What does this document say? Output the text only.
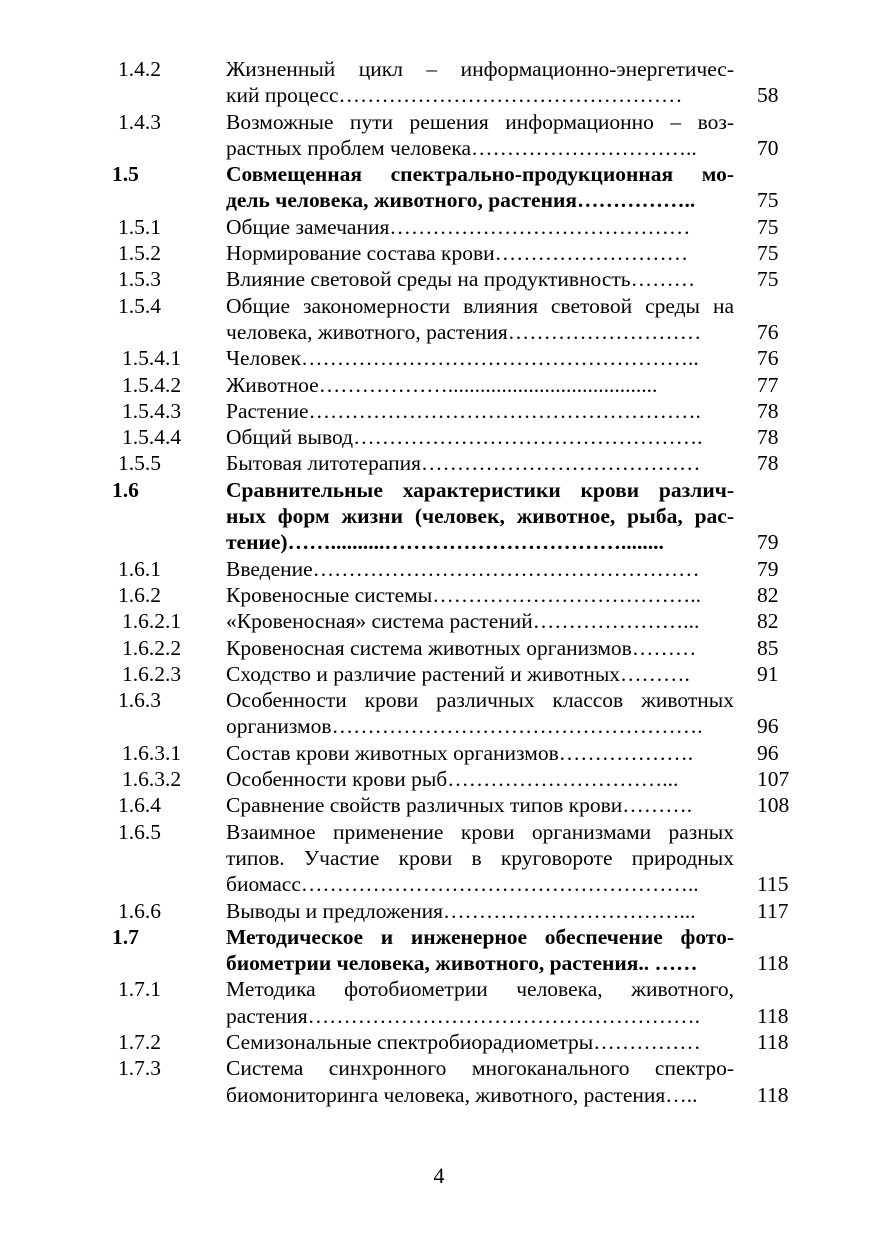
1.4.2	Жизненный цикл – информационно-энергетичес-
кий процесс…………………………………………	58
1.4.3	Возможные пути решения информационно – воз-
растных проблем человека…………………………..	70
1.5	Совмещенная спектрально-продукционная мо-
дель человека, животного, растения……………..	75
1.5.1	Общие замечания……………………………………	75
1.5.2	Нормирование состава крови………………………	75
1.5.3	Влияние световой среды на продуктивность………	75
1.5.4	Общие закономерности влияния световой среды на
человека, животного, растения………………………	76
1.5.4.1	Человек………………………………………………..	76
1.5.4.2	Животное……………….......................................	77
1.5.4.3	Растение……………………………………………….	78
1.5.4.4	Общий вывод………………………………………….	78
1.5.5	Бытовая литотерапия…………………………………	78
1.6	Сравнительные характеристики крови различ-
ных форм жизни (человек, животное, рыба, рас-
тение)……..........……………………………........	79
1.6.1	Введение………………………………………………	79
1.6.2	Кровеносные системы………………………………..	82
1.6.2.1	«Кровеносная» система растений…………………...	82
1.6.2.2	Кровеносная система животных организмов………	85
1.6.2.3	Сходство и различие растений и животных……….	91
1.6.3	Особенности крови различных классов животных
организмов…………………………………………….	96
1.6.3.1	Состав крови животных организмов……………….	96
1.6.3.2	Особенности крови рыб…………………………...	107
1.6.4	Сравнение свойств различных типов крови……….	108
1.6.5	Взаимное применение крови организмами разных
типов. Участие крови в круговороте природных
биомасс………………………………………………..	115
1.6.6	Выводы и предложения……………………………...	117
1.7	Методическое и инженерное обеспечение фото-
биометрии человека, животного, растения.. ……	118
1.7.1	Методика фотобиометрии человека, животного,
растения……………………………………………….	118
1.7.2	Семизональные спектробиорадиометры……………	118
1.7.3	Система синхронного многоканального спектро-
биомониторинга человека, животного, растения…..	118
4
